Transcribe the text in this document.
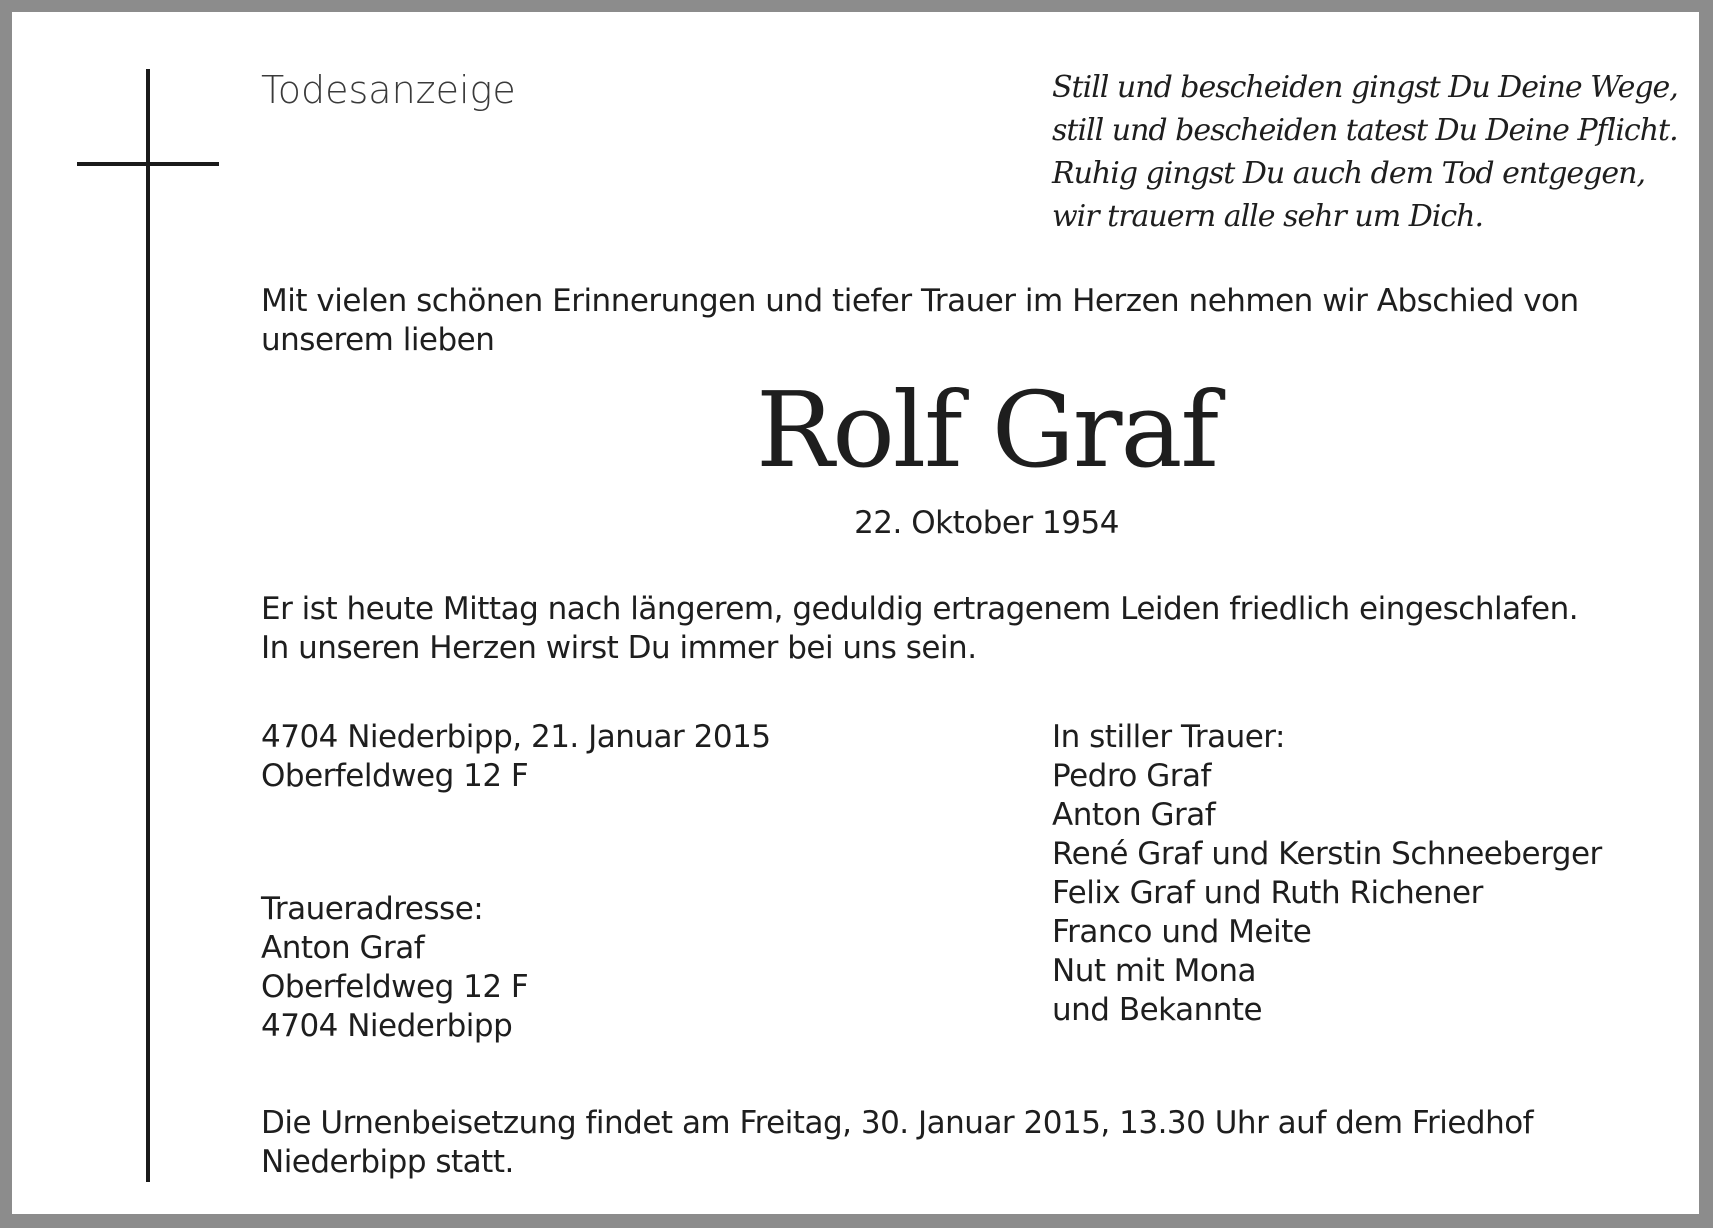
Todesanzeige	Still und bescheiden gingst Du Deine Wege,
still und bescheiden tatest Du Deine Pflicht.
Ruhig gingst Du auch dem Tod entgegen,
wir trauern alle sehr um Dich.
Mit vielen schönen Erinnerungen und tiefer Trauer im Herzen nehmen wir Abschied von unserem lieben
Rolf Graf
22. Oktober 1954
Er ist heute Mittag nach längerem, geduldig ertragenem Leiden friedlich eingeschlafen.
In unseren Herzen wirst Du immer bei uns sein.
4704 Niederbipp, 21. Januar 2015
Oberfeldweg 12 F
In stiller Trauer:
Pedro Graf
Anton Graf
René Graf und Kerstin Schneeberger
Felix Graf und Ruth Richener
Franco und Meite
Nut mit Mona
und Bekannte
Traueradresse:
Anton Graf
Oberfeldweg 12 F
4704 Niederbipp
Die Urnenbeisetzung findet am Freitag, 30. Januar 2015, 13.30 Uhr auf dem Friedhof Niederbipp statt.
